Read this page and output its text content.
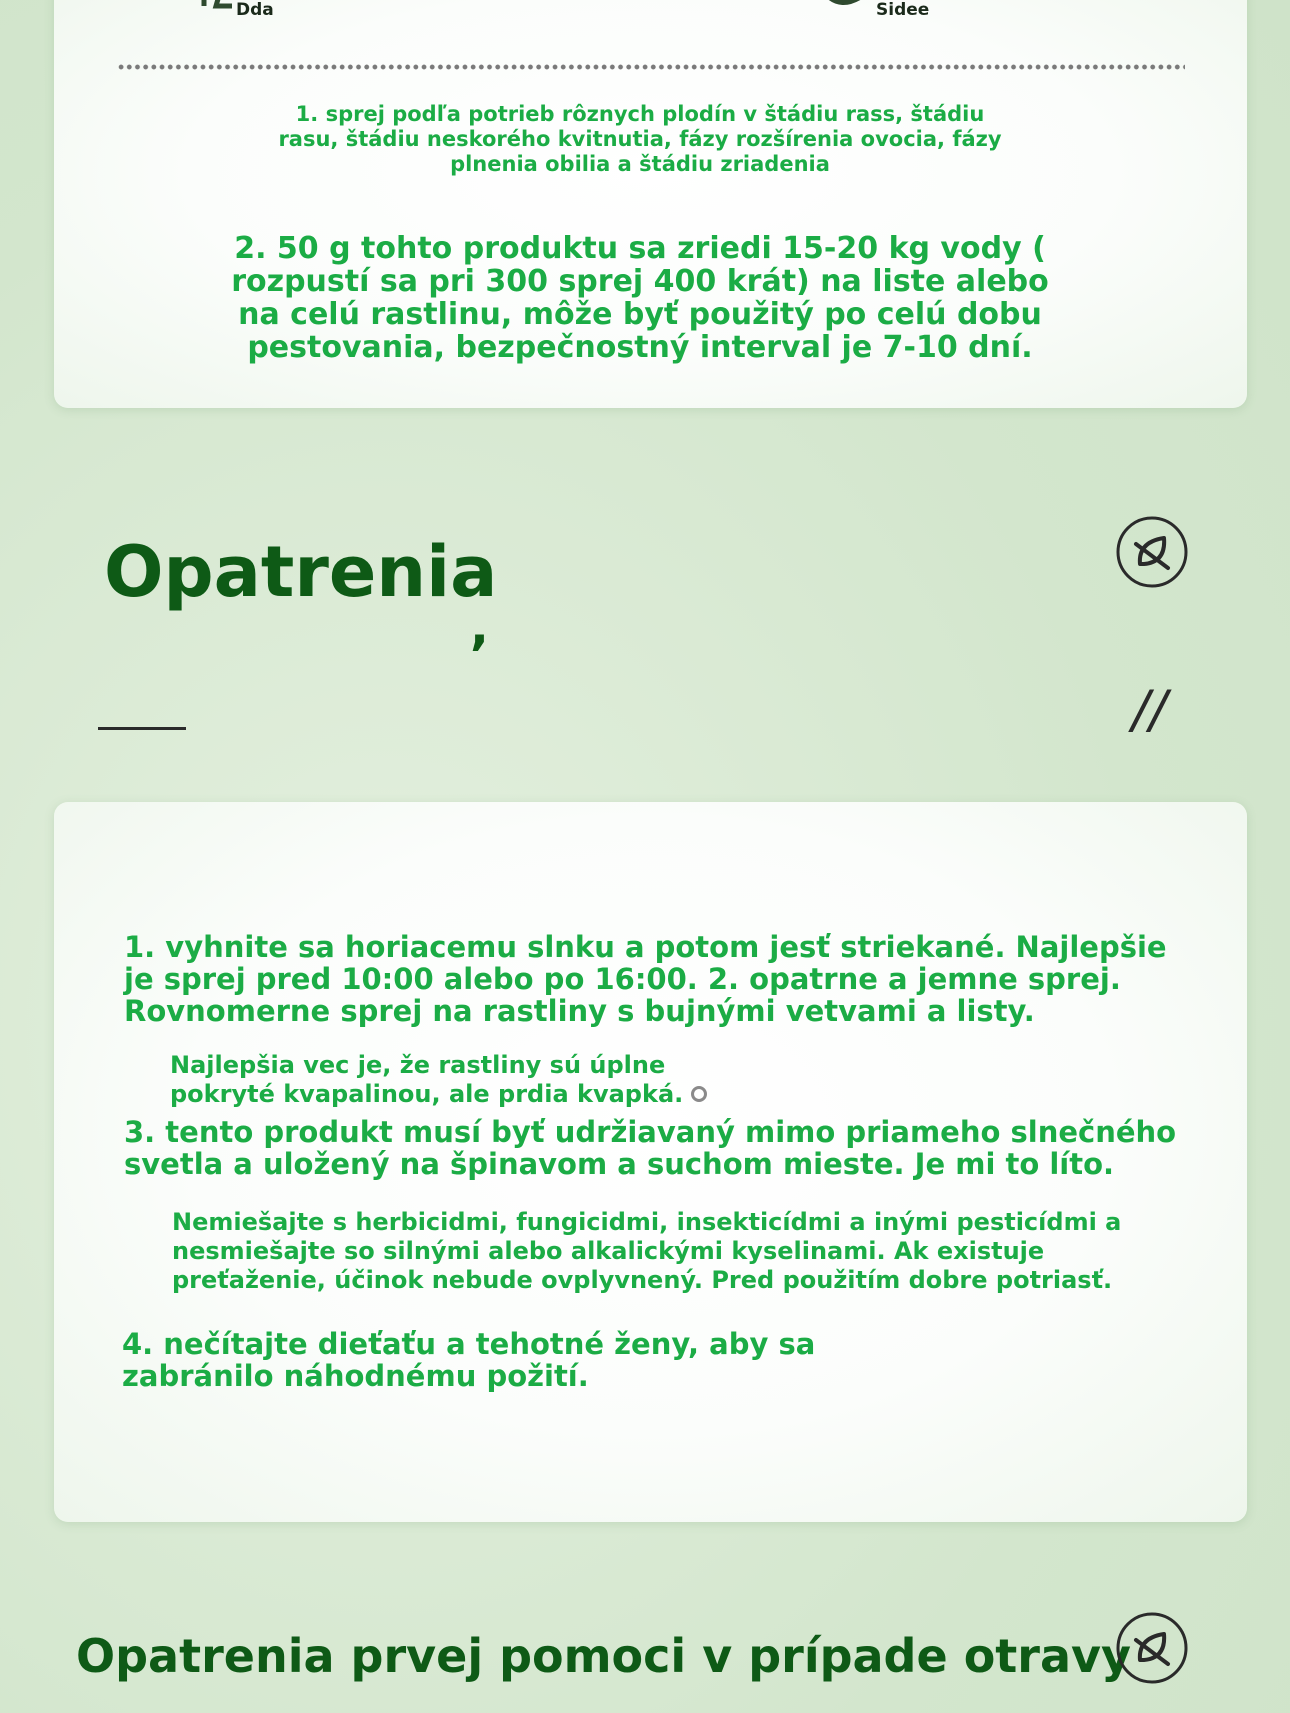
Dda	Sidee
1. sprej podľa potrieb rôznych plodín v štádiu rass, štádiu rasu, štádiu neskorého kvitnutia, fázy rozšírenia ovocia, fázy plnenia obilia a štádiu zriadenia
2. 50 g tohto produktu sa zriedi 15-20 kg vody ( rozpustí sa pri 300 sprej 400 krát) na liste alebo na celú rastlinu, môže byť použitý po celú dobu pestovania, bezpečnostný interval je 7-10 dní.
Opatrenia
,
//
1. vyhnite sa horiacemu slnku a potom jesť striekané. Najlepšie je sprej pred 10:00 alebo po 16:00. 2. opatrne a jemne sprej. Rovnomerne sprej na rastliny s bujnými vetvami a listy.
Najlepšia vec je, že rastliny sú úplne pokryté kvapalinou, ale prdia kvapká.
3. tento produkt musí byť udržiavaný mimo priameho slnečného svetla a uložený na špinavom a suchom mieste. Je mi to líto.
Nemiešajte s herbicidmi, fungicidmi, insekticídmi a inými pesticídmi a nesmiešajte so silnými alebo alkalickými kyselinami. Ak existuje preťaženie, účinok nebude ovplyvnený. Pred použitím dobre potriasť.
4. nečítajte dieťaťu a tehotné ženy, aby sa zabránilo náhodnému požití.
Opatrenia prvej pomoci v prípade otravy
